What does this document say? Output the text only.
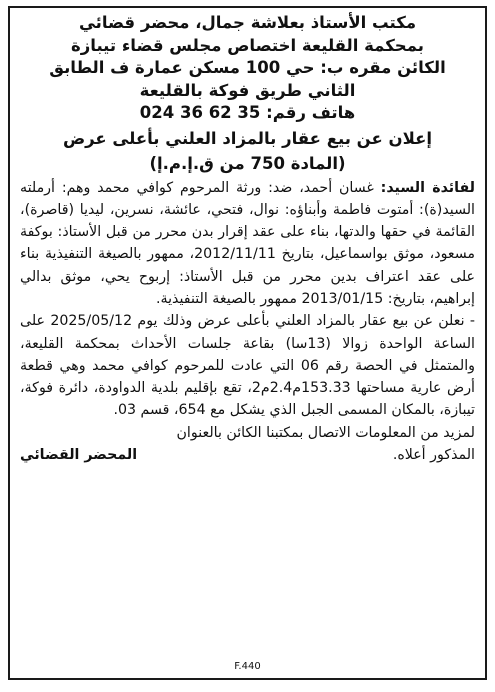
مكتب الأستاذ بعلاشة جمال، محضر قضائي
بمحكمة القليعة اختصاص مجلس قضاء تيبازة
الكائن مقره ب: حي 100 مسكن عمارة ف الطابق
الثاني طريق فوكة بالقليعة
هاتف رقم: 35 62 36 024
إعلان عن بيع عقار بالمزاد العلني بأعلى عرض
(المادة 750 من ق.إ.م.إ)

لفائدة السيد: غسان أحمد، ضد: ورثة المرحوم كوافي محمد وهم: أرملته السيد(ة): أمتوت فاطمة وأبناؤه: نوال، فتحي، عائشة، نسرين، ليديا (قاصرة)، القائمة في حقها والدتها، بناء على عقد إقرار بدن محرر من قبل الأستاذ: بوكفة مسعود، موثق بواسماعيل، بتاريخ 2012/11/11، ممهور بالصيغة التنفيذية بناء على عقد اعتراف بدين محرر من قبل الأستاذ: إربوح يحي، موثق بدالي إبراهيم، بتاريخ: 2013/01/15 ممهور بالصيغة التنفيذية.

- نعلن عن بيع عقار بالمزاد العلني بأعلى عرض وذلك يوم 2025/05/12 على الساعة الواحدة زوالا (13سا) بقاعة جلسات الأحداث بمحكمة القليعة، والمتمثل في الحصة رقم 06 التي عادت للمرحوم كوافي محمد وهي قطعة أرض عارية مساحتها 153.33م2.4م2، تقع بإقليم بلدية الدواودة، دائرة فوكة، تيبازة، بالمكان المسمى الجبل الذي يشكل مع 654، قسم 03.

لمزيد من المعلومات الاتصال بمكتبنا الكائن بالعنوان

المذكور أعلاه.
المحضر القضائي
F.440
